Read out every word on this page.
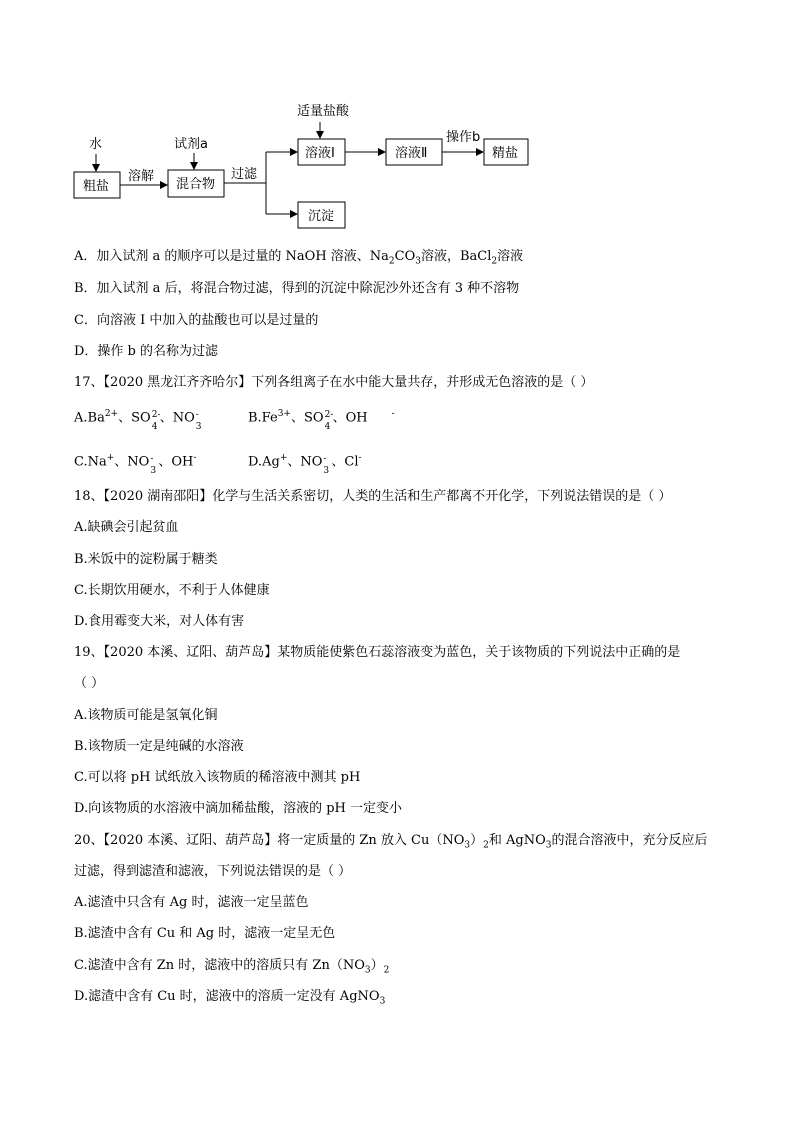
水
粗盐
溶解
试剂a
混合物
过滤
适量盐酸
溶液Ⅰ
沉淀
溶液Ⅱ
操作b
精盐
A．加入试剂 a 的顺序可以是过量的 NaOH 溶液、$Na_2CO_3$溶液，BaCl$_2$溶液
B．加入试剂 a 后，将混合物过滤，得到的沉淀中除泥沙外还含有 3 种不溶物
C．向溶液 I 中加入的盐酸也可以是过量的
D．操作 b 的名称为过滤
17、【2020 黑龙江齐齐哈尔】下列各组离子在水中能大量共存，并形成无色溶液的是（ ）
$A.Ba^{2+}$、SO 2-
4
、NO -
3
$B.Fe^{3+}$、SO 2-
4
、OH	-
C.Na+、NO -
3
、OH-	D.Ag+、NO -
3
、Cl-
18、【2020 湖南邵阳】化学与生活关系密切，人类的生活和生产都离不开化学，下列说法错误的是（ ）
A.缺碘会引起贫血
B.米饭中的淀粉属于糖类
C.长期饮用硬水，不利于人体健康
D.食用霉变大米，对人体有害
19、【2020 本溪、辽阳、葫芦岛】某物质能使紫色石蕊溶液变为蓝色，关于该物质的下列说法中正确的是
（ ）
A.该物质可能是氢氧化铜
B.该物质一定是纯碱的水溶液
C.可以将 pH 试纸放入该物质的稀溶液中测其 pH
D.向该物质的水溶液中滴加稀盐酸，溶液的 pH 一定变小
20、【2020 本溪、辽阳、葫芦岛】将一定质量的 Zn 放入 $Cu(NO_3)_2$和 AgNO$_3$的混合溶液中，充分反应后
过滤，得到滤渣和滤液，下列说法错误的是（ ）
A.滤渣中只含有 Ag 时，滤液一定呈蓝色
B.滤渣中含有 Cu 和 Ag 时，滤液一定呈无色
C.滤渣中含有 Zn 时，滤液中的溶质只有 $Zn(NO_3)_2$
D.滤渣中含有 Cu 时，滤液中的溶质一定没有 AgNO$_3$
